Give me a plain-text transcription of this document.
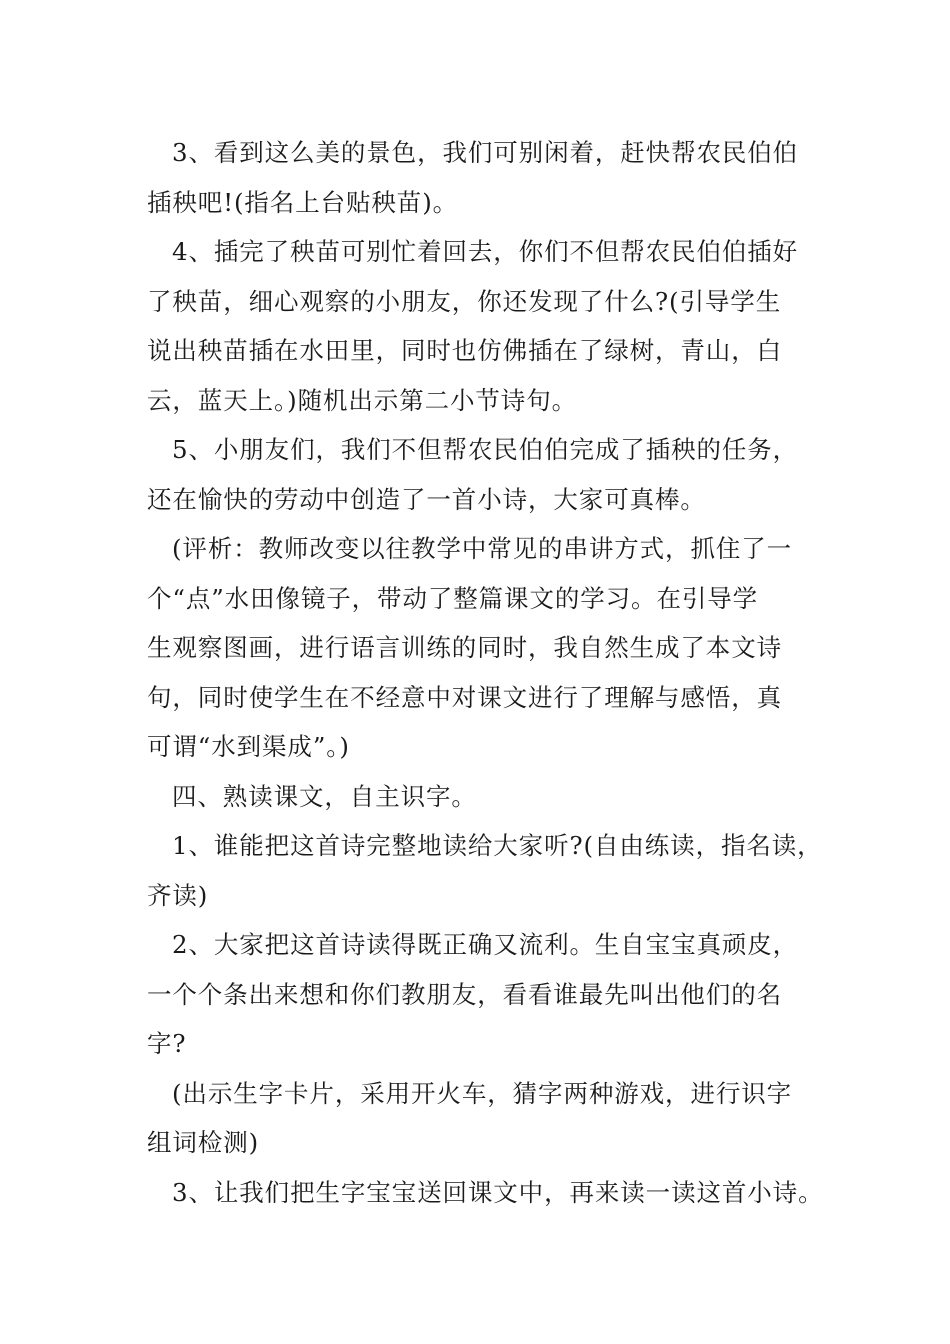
3、看到这么美的景色，我们可别闲着，赶快帮农民伯伯
插秧吧!(指名上台贴秧苗)。
4、插完了秧苗可别忙着回去，你们不但帮农民伯伯插好
了秧苗，细心观察的小朋友，你还发现了什么?(引导学生
说出秧苗插在水田里，同时也仿佛插在了绿树，青山，白
云，蓝天上。)随机出示第二小节诗句。
5、小朋友们，我们不但帮农民伯伯完成了插秧的任务，
还在愉快的劳动中创造了一首小诗，大家可真棒。
(评析：教师改变以往教学中常见的串讲方式，抓住了一
个“点”水田像镜子，带动了整篇课文的学习。在引导学
生观察图画，进行语言训练的同时，我自然生成了本文诗
句，同时使学生在不经意中对课文进行了理解与感悟，真
可谓“水到渠成”。)
四、熟读课文，自主识字。
1、谁能把这首诗完整地读给大家听?(自由练读，指名读，
齐读)
2、大家把这首诗读得既正确又流利。生自宝宝真顽皮，
一个个条出来想和你们教朋友，看看谁最先叫出他们的名
字?
(出示生字卡片，采用开火车，猜字两种游戏，进行识字
组词检测)
3、让我们把生字宝宝送回课文中，再来读一读这首小诗。
